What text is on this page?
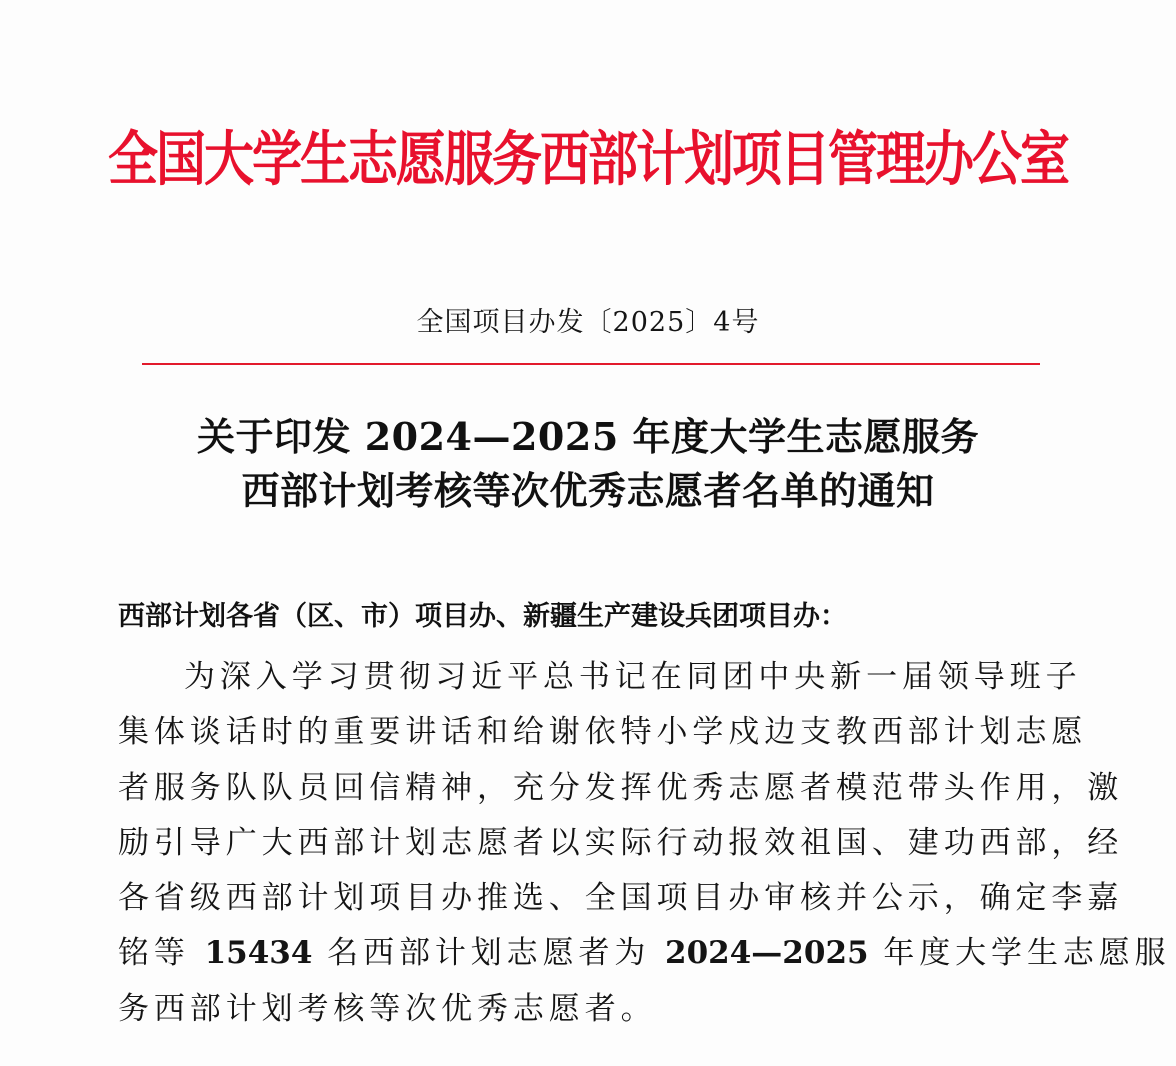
全国大学生志愿服务西部计划项目管理办公室
全国项目办发〔2025〕4号
关于印发 2024—2025 年度大学生志愿服务
西部计划考核等次优秀志愿者名单的通知
西部计划各省（区、市）项目办、新疆生产建设兵团项目办：
为深入学习贯彻习近平总书记在同团中央新一届领导班子
集体谈话时的重要讲话和给谢依特小学戍边支教西部计划志愿
者服务队队员回信精神，充分发挥优秀志愿者模范带头作用，激
励引导广大西部计划志愿者以实际行动报效祖国、建功西部，经
各省级西部计划项目办推选、全国项目办审核并公示，确定李嘉
铭等 15434 名西部计划志愿者为 2024—2025 年度大学生志愿服
务西部计划考核等次优秀志愿者。
